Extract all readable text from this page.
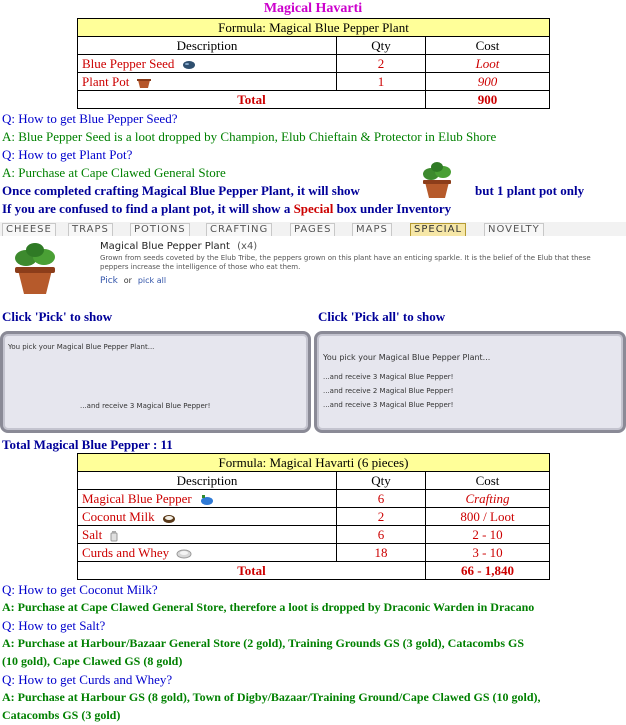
Magical Havarti
Formula: Magical Blue Pepper Plant		
Description	Qty	Cost
Blue Pepper Seed	2	Loot
Plant Pot	1	900
Total		900
Q: How to get Blue Pepper Seed?
A: Blue Pepper Seed is a loot dropped by Champion, Elub Chieftain & Protector in Elub Shore
Q: How to get Plant Pot?
A: Purchase at Cape Clawed General Store
Once completed crafting Magical Blue Pepper Plant, it will show	but 1 plant pot only
If you are confused to find a plant pot, it will show a Special box under Inventory
CHEESE	TRAPS	POTIONS	CRAFTING	PAGES	MAPS	SPECIAL	NOVELTY
Magical Blue Pepper Plant (x4)
Grown from seeds coveted by the Elub Tribe, the peppers grown on this plant have an enticing sparkle. It is the belief of the Elub that these peppers increase the intelligence of those who eat them.
Pick or pick all
Click 'Pick' to show	Click 'Pick all' to show
You pick your Magical Blue Pepper Plant...
...and receive 3 Magical Blue Pepper!
You pick your Magical Blue Pepper Plant...
...and receive 3 Magical Blue Pepper!
...and receive 2 Magical Blue Pepper!
...and receive 3 Magical Blue Pepper!
Total Magical Blue Pepper : 11
Formula: Magical Havarti (6 pieces)		
Description	Qty	Cost
Magical Blue Pepper	6	Crafting
Coconut Milk	2	800 / Loot
Salt	6	2 - 10
Curds and Whey	18	3 - 10
Total		66 - 1,840
Q: How to get Coconut Milk?
A: Purchase at Cape Clawed General Store, therefore a loot is dropped by Draconic Warden in Dracano
Q: How to get Salt?
A: Purchase at Harbour/Bazaar General Store (2 gold), Training Grounds GS (3 gold), Catacombs GS
(10 gold), Cape Clawed GS (8 gold)
Q: How to get Curds and Whey?
A: Purchase at Harbour GS (8 gold), Town of Digby/Bazaar/Training Ground/Cape Clawed GS (10 gold),
Catacombs GS (3 gold)
